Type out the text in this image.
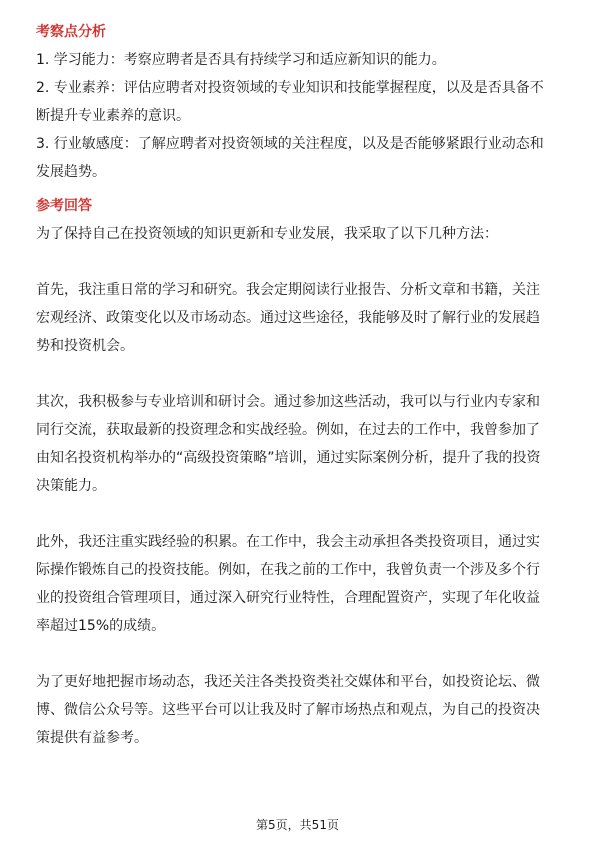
考察点分析

1. 学习能力：考察应聘者是否具有持续学习和适应新知识的能力。

2. 专业素养：评估应聘者对投资领域的专业知识和技能掌握程度，以及是否具备不

断提升专业素养的意识。

3. 行业敏感度：了解应聘者对投资领域的关注程度，以及是否能够紧跟行业动态和

发展趋势。

参考回答

为了保持自己在投资领域的知识更新和专业发展，我采取了以下几种方法：

首先，我注重日常的学习和研究。我会定期阅读行业报告、分析文章和书籍，关注

宏观经济、政策变化以及市场动态。通过这些途径，我能够及时了解行业的发展趋

势和投资机会。

其次，我积极参与专业培训和研讨会。通过参加这些活动，我可以与行业内专家和

同行交流，获取最新的投资理念和实战经验。例如，在过去的工作中，我曾参加了

由知名投资机构举办的“高级投资策略”培训，通过实际案例分析，提升了我的投资

决策能力。

此外，我还注重实践经验的积累。在工作中，我会主动承担各类投资项目，通过实

际操作锻炼自己的投资技能。例如，在我之前的工作中，我曾负责一个涉及多个行

业的投资组合管理项目，通过深入研究行业特性，合理配置资产，实现了年化收益

率超过15%的成绩。

为了更好地把握市场动态，我还关注各类投资类社交媒体和平台，如投资论坛、微

博、微信公众号等。这些平台可以让我及时了解市场热点和观点，为自己的投资决

策提供有益参考。

第5页，共51页
